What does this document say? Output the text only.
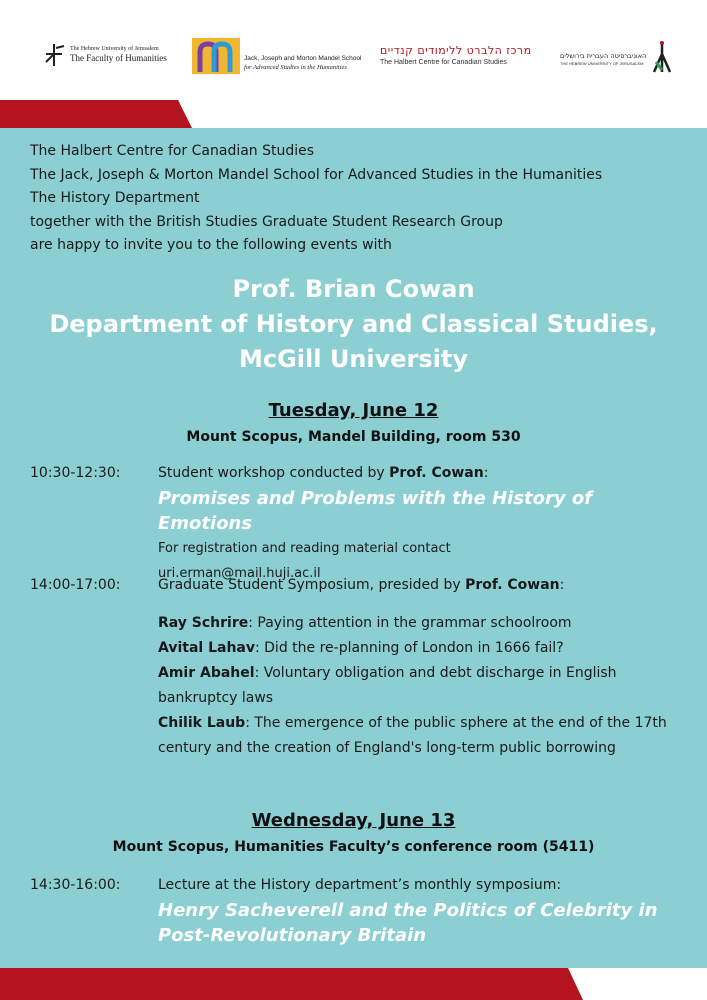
The Hebrew University of Jerusalem
The Faculty of Humanities	Jack, Joseph and Morton Mandel School
for Advanced Studies in the Humanities
מרכז הלברט ללימודים קנדיים
The Halbert Centre for Canadian Studies
האוניברסיטה העברית בירושלים
THE HEBREW UNIVERSITY OF JERUSALEM
The Halbert Centre for Canadian Studies
The Jack, Joseph & Morton Mandel School for Advanced Studies in the Humanities
The History Department
together with the British Studies Graduate Student Research Group
are happy to invite you to the following events with
Prof. Brian Cowan
Department of History and Classical Studies,
McGill University
Tuesday, June 12
Mount Scopus, Mandel Building, room 530
10:30-12:30:	Student workshop conducted by Prof. Cowan:
Promises and Problems with the History of Emotions
For registration and reading material contact
uri.erman@mail.huji.ac.il
14:00-17:00:	Graduate Student Symposium, presided by Prof. Cowan:
Ray Schrire: Paying attention in the grammar schoolroom
Avital Lahav: Did the re-planning of London in 1666 fail?
Amir Abahel: Voluntary obligation and debt discharge in English bankruptcy laws
Chilik Laub: The emergence of the public sphere at the end of the 17th century and the creation of England's long-term public borrowing
Wednesday, June 13
Mount Scopus, Humanities Faculty’s conference room (5411)
14:30-16:00:	Lecture at the History department’s monthly symposium:
Henry Sacheverell and the Politics of Celebrity in
Post-Revolutionary Britain
